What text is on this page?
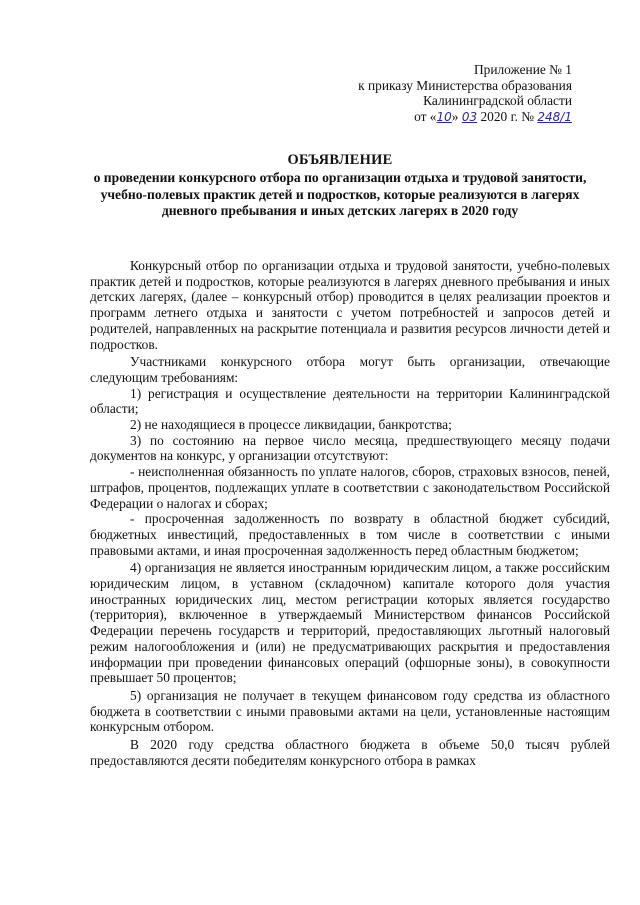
Приложение № 1
к приказу Министерства образования
Калининградской области
от «10» 03 2020 г. № 248/1
ОБЪЯВЛЕНИЕ
о проведении конкурсного отбора по организации отдыха и трудовой занятости, учебно-полевых практик детей и подростков, которые реализуются в лагерях дневного пребывания и иных детских лагерях в 2020 году

Конкурсный отбор по организации отдыха и трудовой занятости, учебно-полевых практик детей и подростков, которые реализуются в лагерях дневного пребывания и иных детских лагерях, (далее – конкурсный отбор) проводится в целях реализации проектов и программ летнего отдыха и занятости с учетом потребностей и запросов детей и родителей, направленных на раскрытие потенциала и развития ресурсов личности детей и подростков.

Участниками конкурсного отбора могут быть организации, отвечающие следующим требованиям:

1) регистрация и осуществление деятельности на территории Калининградской области;

2) не находящиеся в процессе ликвидации, банкротства;

3) по состоянию на первое число месяца, предшествующего месяцу подачи документов на конкурс, у организации отсутствуют:

- неисполненная обязанность по уплате налогов, сборов, страховых взносов, пеней, штрафов, процентов, подлежащих уплате в соответствии с законодательством Российской Федерации о налогах и сборах;

- просроченная задолженность по возврату в областной бюджет субсидий, бюджетных инвестиций, предоставленных в том числе в соответствии с иными правовыми актами, и иная просроченная задолженность перед областным бюджетом;

4) организация не является иностранным юридическим лицом, а также российским юридическим лицом, в уставном (складочном) капитале которого доля участия иностранных юридических лиц, местом регистрации которых является государство (территория), включенное в утверждаемый Министерством финансов Российской Федерации перечень государств и территорий, предоставляющих льготный налоговый режим налогообложения и (или) не предусматривающих раскрытия и предоставления информации при проведении финансовых операций (офшорные зоны), в совокупности превышает 50 процентов;

5) организация не получает в текущем финансовом году средства из областного бюджета в соответствии с иными правовыми актами на цели, установленные настоящим конкурсным отбором.

В 2020 году средства областного бюджета в объеме 50,0 тысяч рублей предоставляются десяти победителям конкурсного отбора в рамках
